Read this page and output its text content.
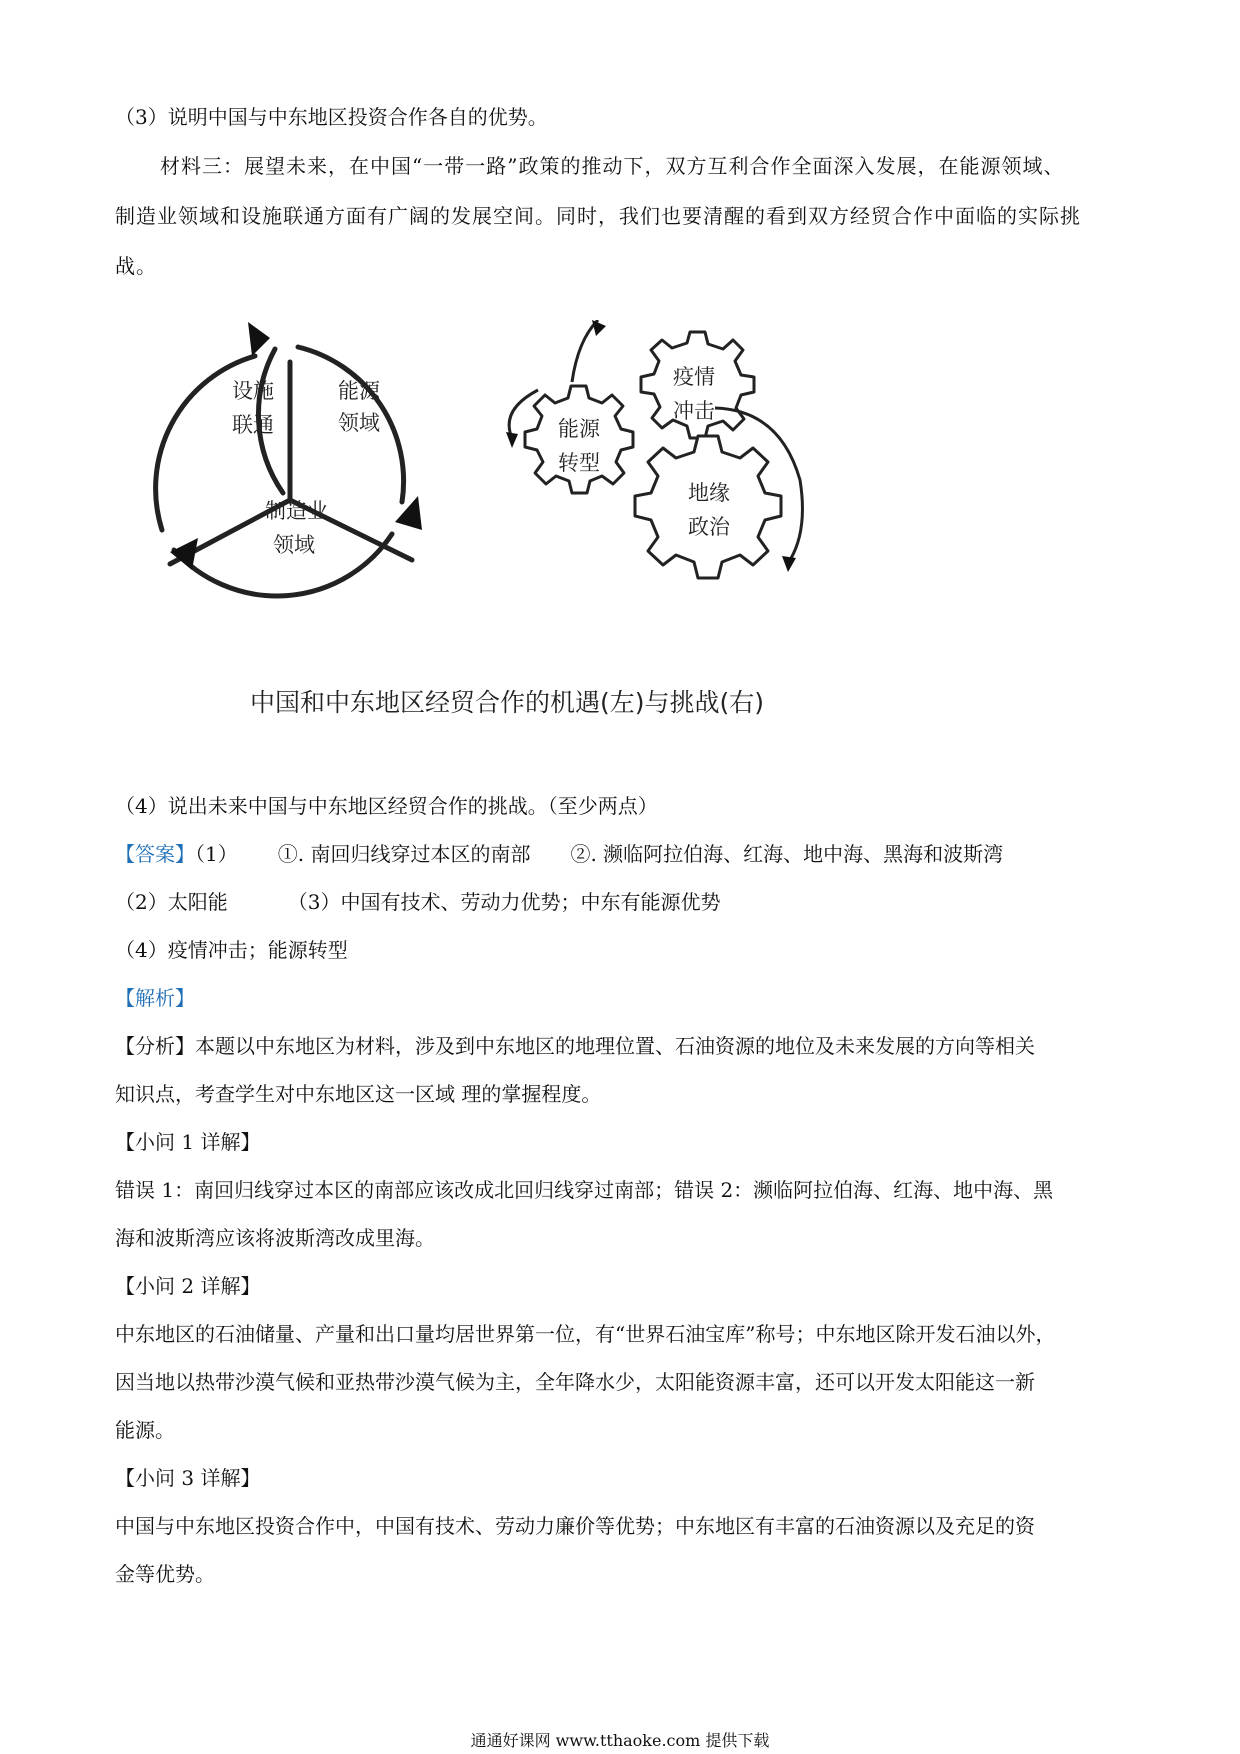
（3）说明中国与中东地区投资合作各自的优势。
材料三：展望未来，在中国“一带一路”政策的推动下，双方互利合作全面深入发展，在能源领域、
制造业领域和设施联通方面有广阔的发展空间。同时，我们也要清醒的看到双方经贸合作中面临的实际挑
战。
设施
联通
能源
领域
制造业
领域
疫情
冲击
能源
转型
地缘
政治
中国和中东地区经贸合作的机遇(左)与挑战(右)
（4）说出未来中国与中东地区经贸合作的挑战。（至少两点）
【答案】（1） ①. 南回归线穿过本区的南部 ②. 濒临阿拉伯海、红海、地中海、黑海和波斯湾
（2）太阳能	（3）中国有技术、劳动力优势；中东有能源优势
（4）疫情冲击；能源转型
【解析】
【分析】本题以中东地区为材料，涉及到中东地区的地理位置、石油资源的地位及未来发展的方向等相关
知识点，考查学生对中东地区这一区域 理的掌握程度。
【小问 1 详解】
错误 1：南回归线穿过本区的南部应该改成北回归线穿过南部；错误 2：濒临阿拉伯海、红海、地中海、黑
海和波斯湾应该将波斯湾改成里海。
【小问 2 详解】
中东地区的石油储量、产量和出口量均居世界第一位，有“世界石油宝库”称号；中东地区除开发石油以外，
因当地以热带沙漠气候和亚热带沙漠气候为主，全年降水少，太阳能资源丰富，还可以开发太阳能这一新
能源。
【小问 3 详解】
中国与中东地区投资合作中，中国有技术、劳动力廉价等优势；中东地区有丰富的石油资源以及充足的资
金等优势。
通通好课网 www.tthaoke.com 提供下载
